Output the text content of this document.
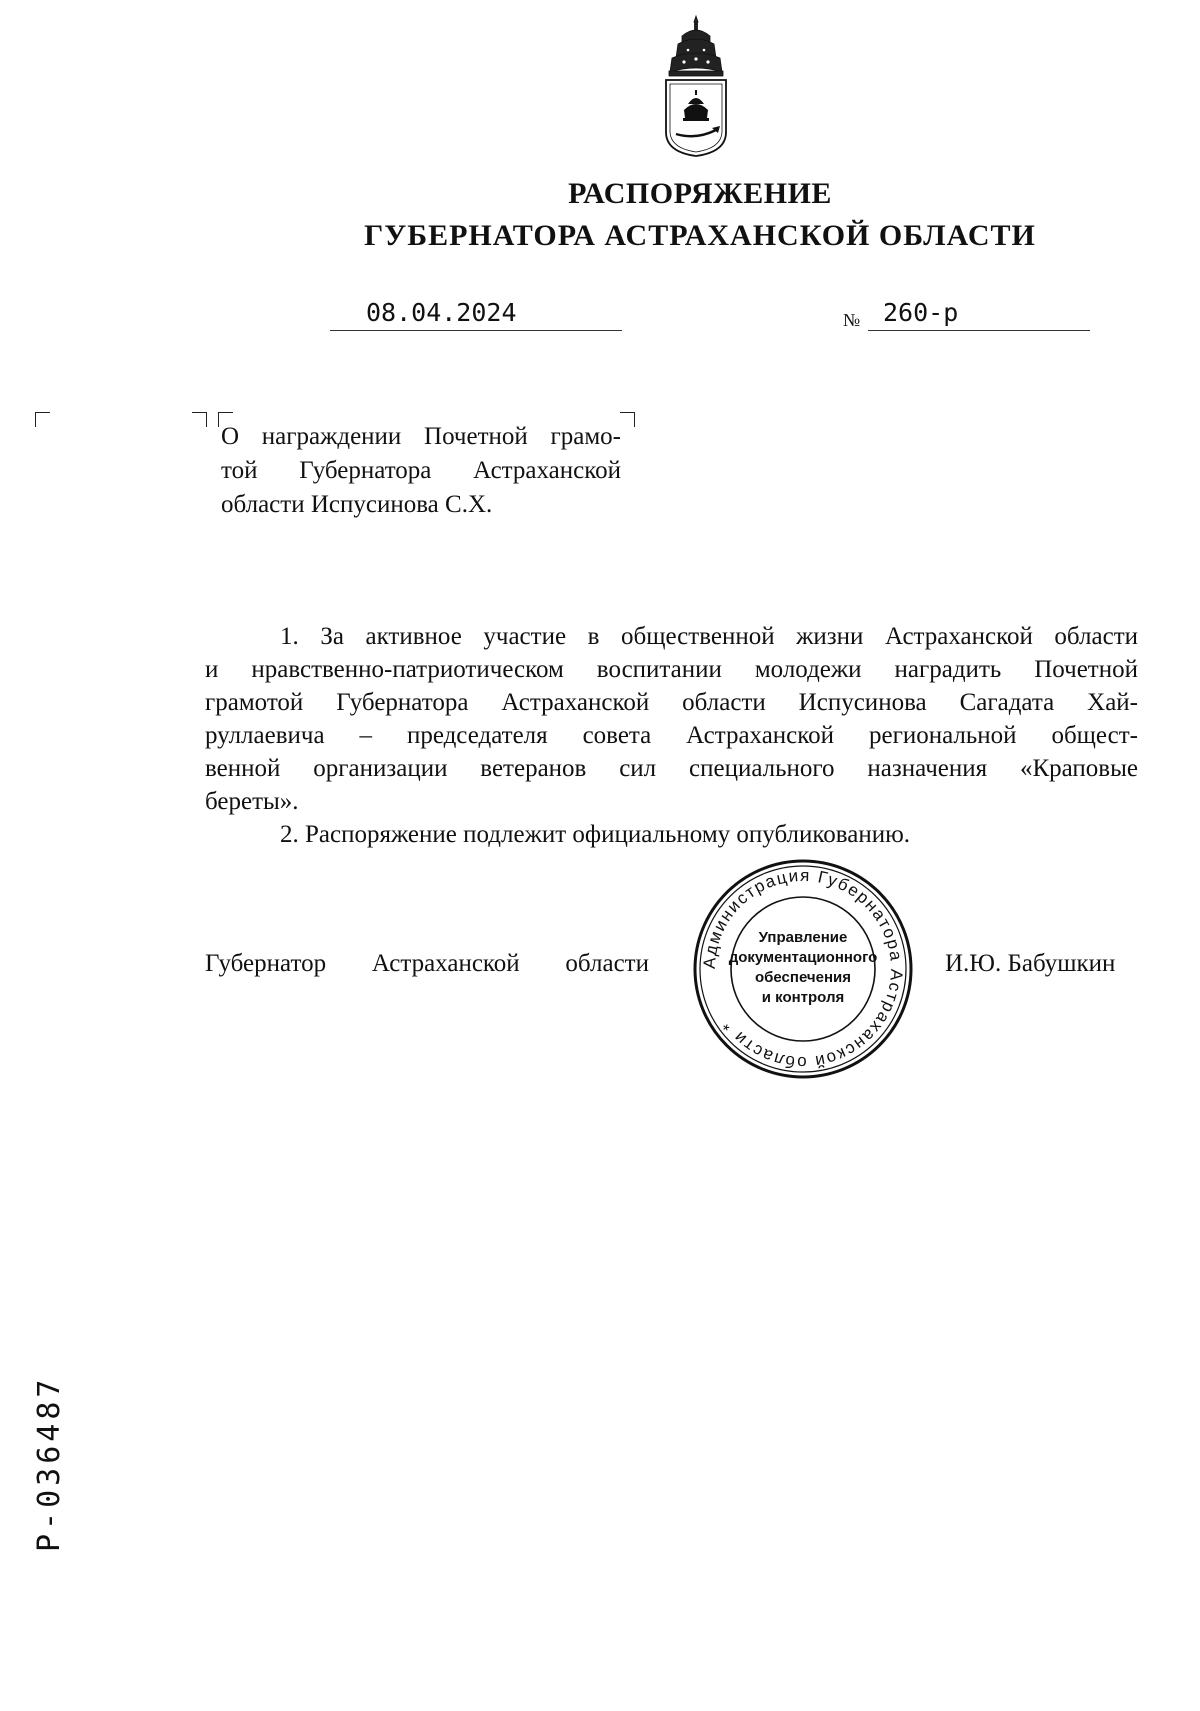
РАСПОРЯЖЕНИЕ
ГУБЕРНАТОРА АСТРАХАНСКОЙ ОБЛАСТИ
08.04.2024	№ 260-р
О награждении Почетной грамо-
той Губернатора Астраханской
области Испусинова С.Х.
1. За активное участие в общественной жизни Астраханской области
и нравственно-патриотическом воспитании молодежи наградить Почетной
грамотой Губернатора Астраханской области Испусинова Сагадата Хай-
руллаевича – председателя совета Астраханской региональной общест-
венной организации ветеранов сил специального назначения «Краповые
береты».
2. Распоряжение подлежит официальному опубликованию.
Губернатор Астраханской области	И.Ю. Бабушкин
Администрация Губернатора Астраханской области *
Управление
документационного
обеспечения
и контроля
Р-036487
